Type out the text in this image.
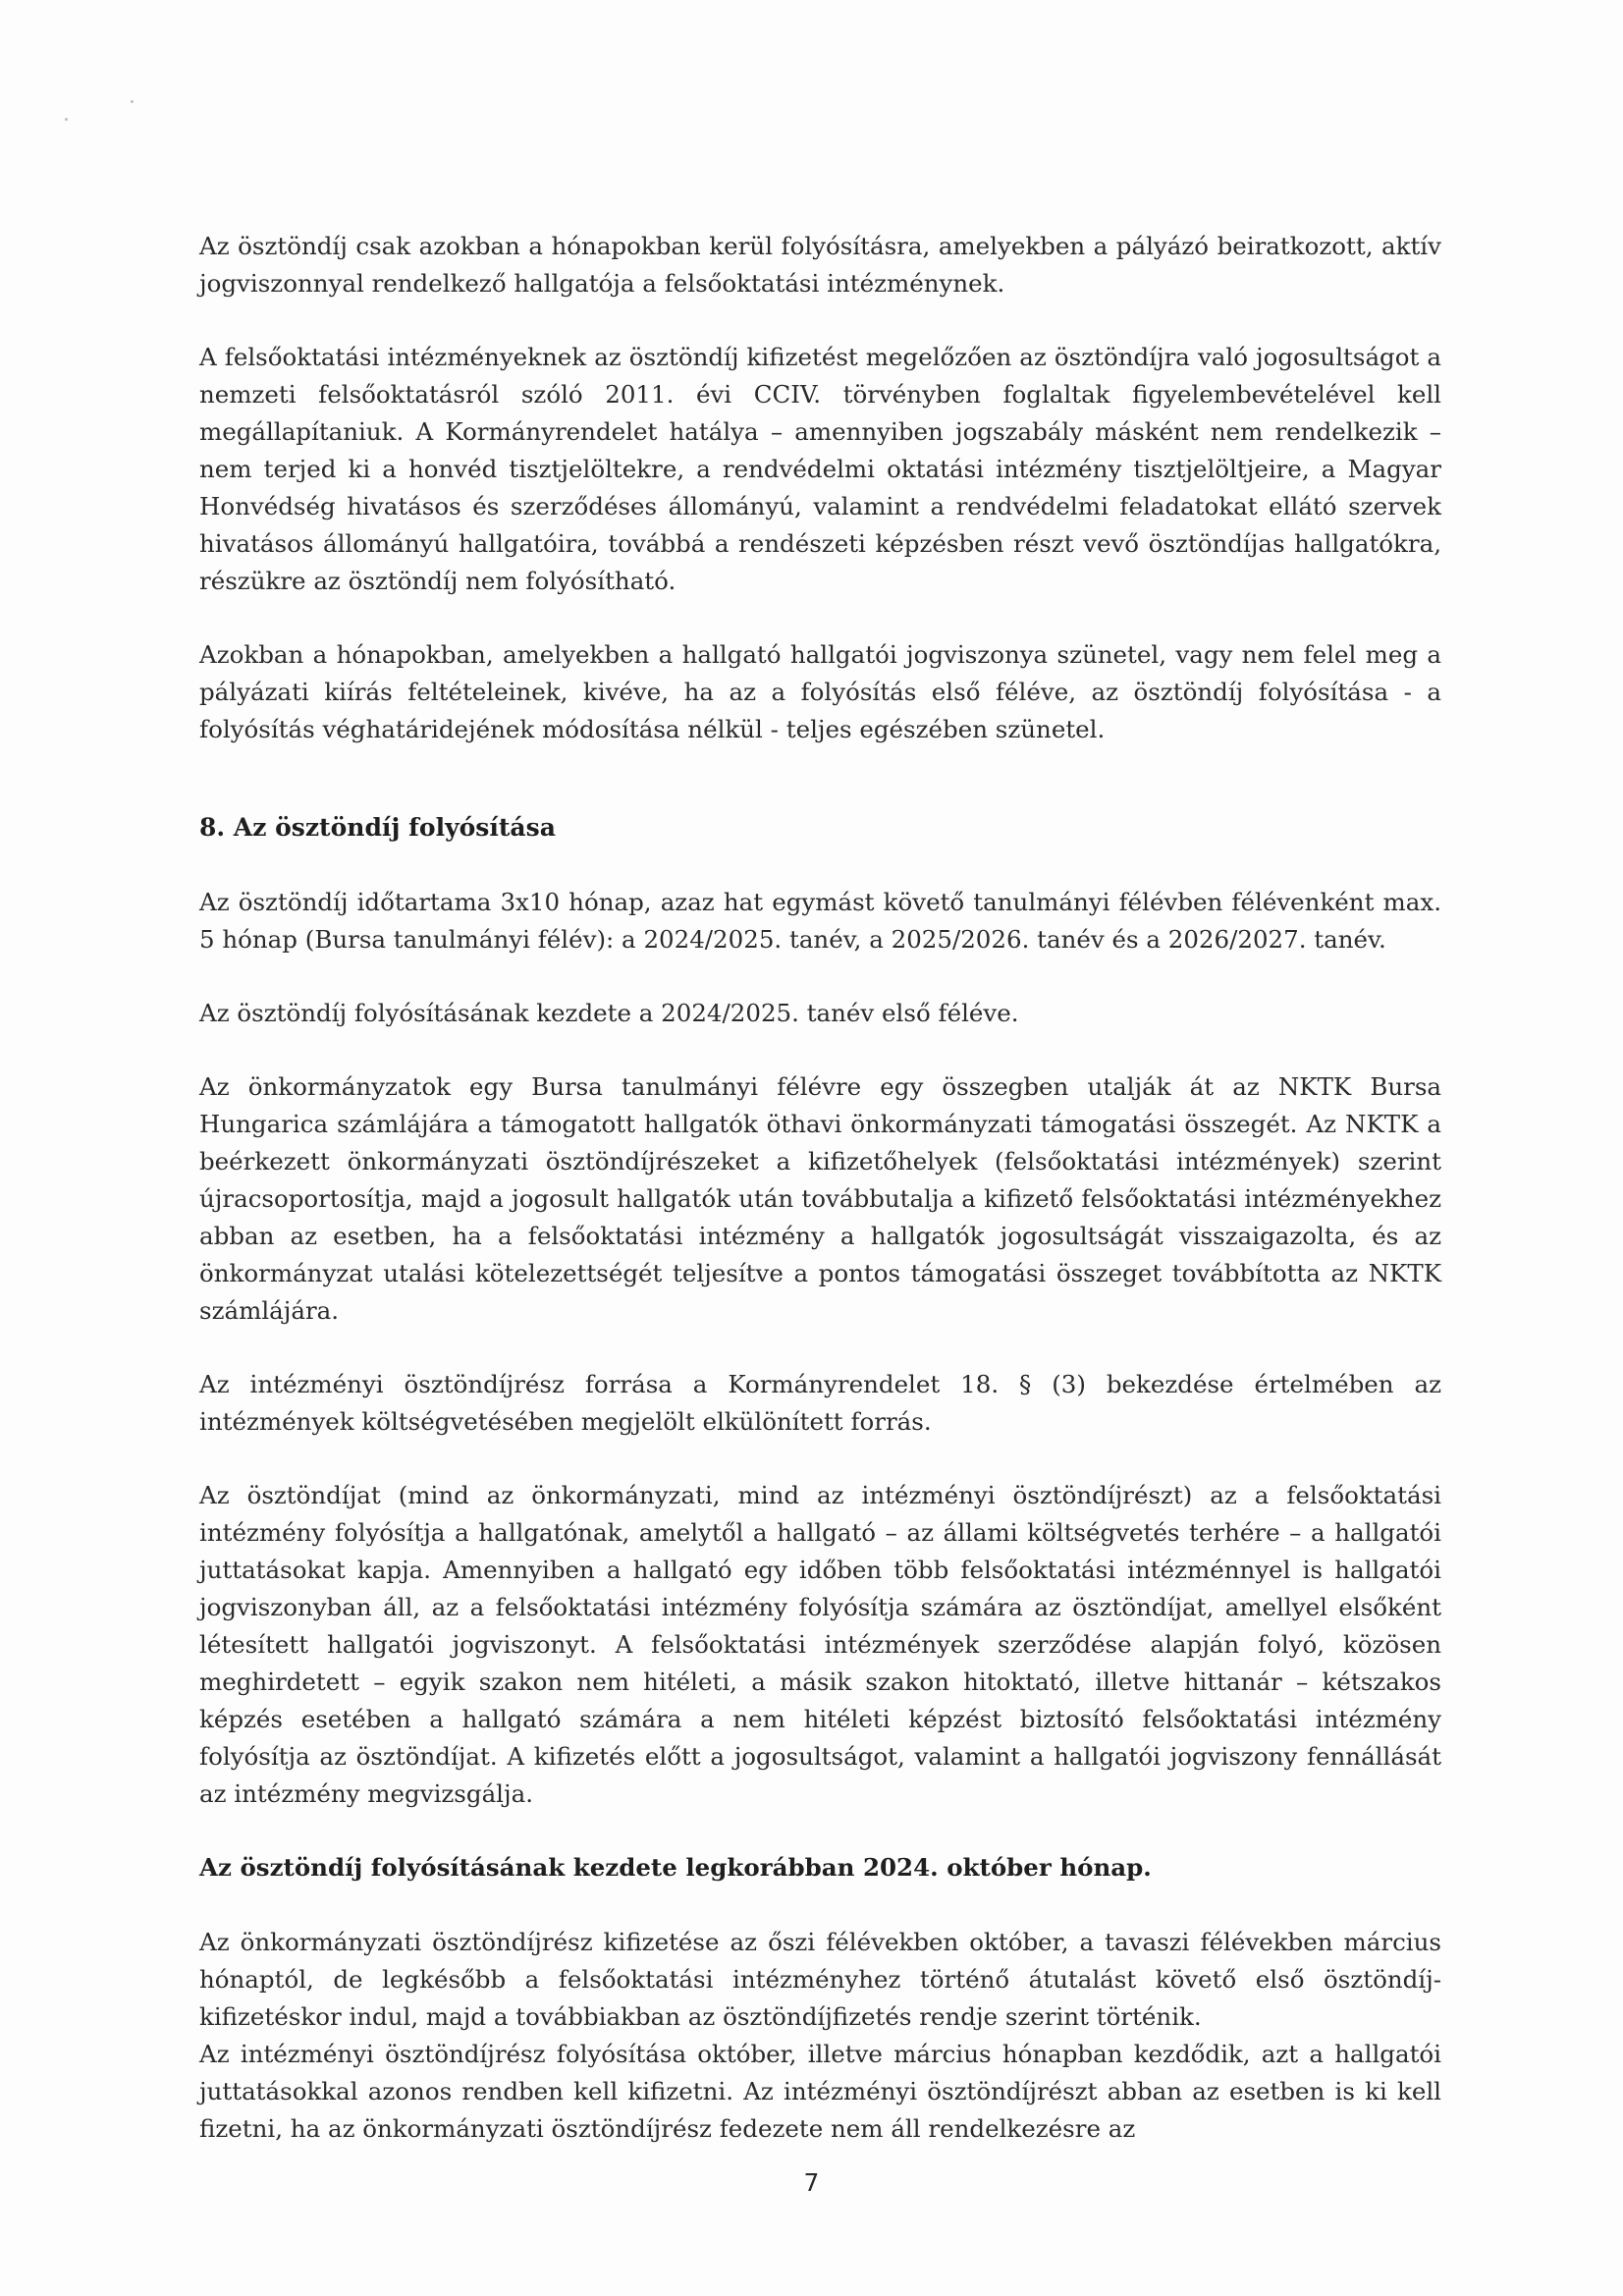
Az ösztöndíj csak azokban a hónapokban kerül folyósításra, amelyekben a pályázó beiratkozott, aktív jogviszonnyal rendelkező hallgatója a felsőoktatási intézménynek.

A felsőoktatási intézményeknek az ösztöndíj kifizetést megelőzően az ösztöndíjra való jogosultságot a nemzeti felsőoktatásról szóló 2011. évi CCIV. törvényben foglaltak figyelembevételével kell megállapítaniuk. A Kormányrendelet hatálya – amennyiben jogszabály másként nem rendelkezik – nem terjed ki a honvéd tisztjelöltekre, a rendvédelmi oktatási intézmény tisztjelöltjeire, a Magyar Honvédség hivatásos és szerződéses állományú, valamint a rendvédelmi feladatokat ellátó szervek hivatásos állományú hallgatóira, továbbá a rendészeti képzésben részt vevő ösztöndíjas hallgatókra, részükre az ösztöndíj nem folyósítható.

Azokban a hónapokban, amelyekben a hallgató hallgatói jogviszonya szünetel, vagy nem felel meg a pályázati kiírás feltételeinek, kivéve, ha az a folyósítás első féléve, az ösztöndíj folyósítása - a folyósítás véghatáridejének módosítása nélkül - teljes egészében szünetel.

8. Az ösztöndíj folyósítása

Az ösztöndíj időtartama 3x10 hónap, azaz hat egymást követő tanulmányi félévben félévenként max. 5 hónap (Bursa tanulmányi félév): a 2024/2025. tanév, a 2025/2026. tanév és a 2026/2027. tanév.

Az ösztöndíj folyósításának kezdete a 2024/2025. tanév első féléve.

Az önkormányzatok egy Bursa tanulmányi félévre egy összegben utalják át az NKTK Bursa Hungarica számlájára a támogatott hallgatók öthavi önkormányzati támogatási összegét. Az NKTK a beérkezett önkormányzati ösztöndíjrészeket a kifizetőhelyek (felsőoktatási intézmények) szerint újracsoportosítja, majd a jogosult hallgatók után továbbutalja a kifizető felsőoktatási intézményekhez abban az esetben, ha a felsőoktatási intézmény a hallgatók jogosultságát visszaigazolta, és az önkormányzat utalási kötelezettségét teljesítve a pontos támogatási összeget továbbította az NKTK számlájára.

Az intézményi ösztöndíjrész forrása a Kormányrendelet 18. § (3) bekezdése értelmében az intézmények költségvetésében megjelölt elkülönített forrás.

Az ösztöndíjat (mind az önkormányzati, mind az intézményi ösztöndíjrészt) az a felsőoktatási intézmény folyósítja a hallgatónak, amelytől a hallgató – az állami költségvetés terhére – a hallgatói juttatásokat kapja. Amennyiben a hallgató egy időben több felsőoktatási intézménnyel is hallgatói jogviszonyban áll, az a felsőoktatási intézmény folyósítja számára az ösztöndíjat, amellyel elsőként létesített hallgatói jogviszonyt. A felsőoktatási intézmények szerződése alapján folyó, közösen meghirdetett – egyik szakon nem hitéleti, a másik szakon hitoktató, illetve hittanár – kétszakos képzés esetében a hallgató számára a nem hitéleti képzést biztosító felsőoktatási intézmény folyósítja az ösztöndíjat. A kifizetés előtt a jogosultságot, valamint a hallgatói jogviszony fennállását az intézmény megvizsgálja.

Az ösztöndíj folyósításának kezdete legkorábban 2024. október hónap.

Az önkormányzati ösztöndíjrész kifizetése az őszi félévekben október, a tavaszi félévekben március hónaptól, de legkésőbb a felsőoktatási intézményhez történő átutalást követő első ösztöndíj-kifizetéskor indul, majd a továbbiakban az ösztöndíjfizetés rendje szerint történik.

Az intézményi ösztöndíjrész folyósítása október, illetve március hónapban kezdődik, azt a hallgatói juttatásokkal azonos rendben kell kifizetni. Az intézményi ösztöndíjrészt abban az esetben is ki kell fizetni, ha az önkormányzati ösztöndíjrész fedezete nem áll rendelkezésre az

7
